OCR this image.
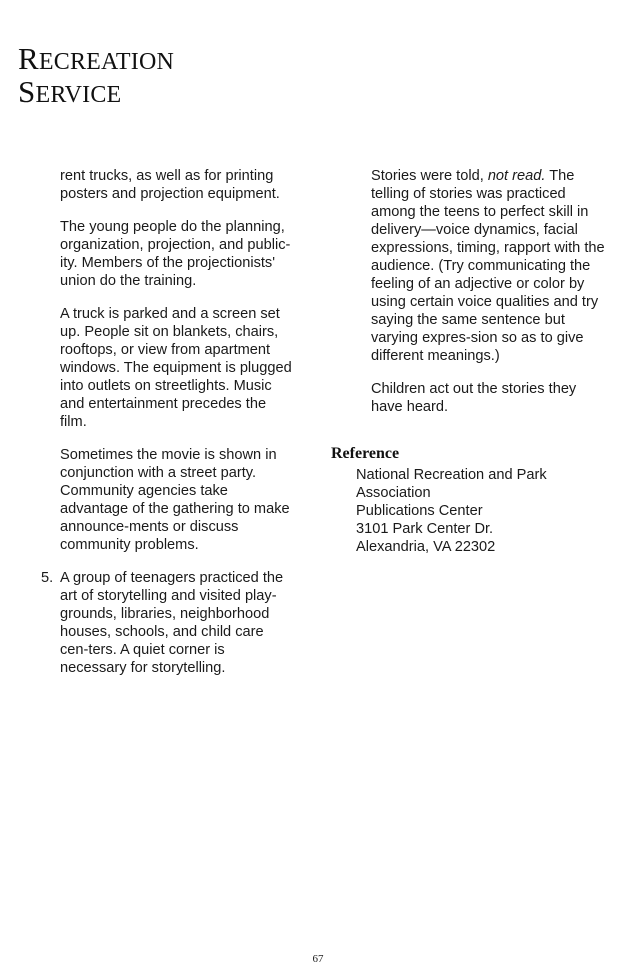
RECREATION
SERVICE

rent trucks, as well as for printing posters and projection equipment.

The young people do the planning, organization, projection, and public-ity. Members of the projectionists' union do the training.

A truck is parked and a screen set up. People sit on blankets, chairs, rooftops, or view from apartment windows. The equipment is plugged into outlets on streetlights. Music and entertainment precedes the film.

Sometimes the movie is shown in conjunction with a street party. Community agencies take advantage of the gathering to make announce-ments or discuss community problems.

5. A group of teenagers practiced the art of storytelling and visited play-grounds, libraries, neighborhood houses, schools, and child care cen-ters. A quiet corner is necessary for storytelling.

Stories were told, not read. The telling of stories was practiced among the teens to perfect skill in delivery—voice dynamics, facial expressions, timing, rapport with the audience. (Try communicating the feeling of an adjective or color by using certain voice qualities and try saying the same sentence but varying expres-sion so as to give different meanings.)

Children act out the stories they have heard.

Reference
National Recreation and Park
Association
Publications Center
3101 Park Center Dr.
Alexandria, VA 22302
67
